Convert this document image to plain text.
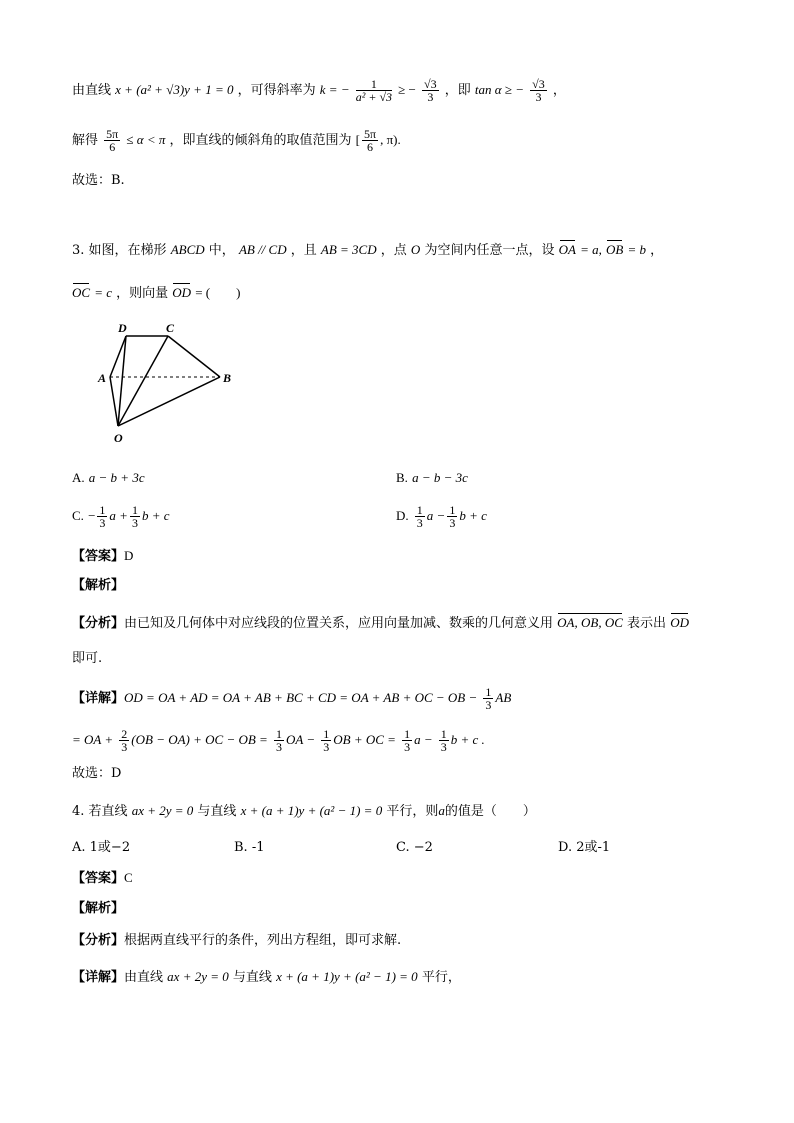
由直线 x + (a² + √3)y + 1 = 0 ，可得斜率为 k = − $\frac{1}{\text{a² + √3}}$ ≥ − $\frac{√3}{3}$ ，即 tan α ≥ − $\frac{√3}{3}$ ，
解得 $\frac{5\pi}{6} \le \alpha < \pi$ ，即直线的倾斜角的取值范围为 [ $\frac{5\pi}{6}$ , π).
故选：B.
3. 如图，在梯形 ABCD 中， AB // CD ，且 AB = 3CD ，点 O 为空间内任意一点，设 OA = a, OB = b ，
OC = c ，则向量 OD = (　　)
D	C
A	B
O
A. a − b + 3c	B. a − b − 3c
C. − $\frac{1}{3}$ $a + \frac{1}{3}$ b + c	D. $\frac{1}{3}$ $a - \frac{1}{3}$ b + c
【答案】D
【解析】
【分析】由已知及几何体中对应线段的位置关系，应用向量加减、数乘的几何意义用 OA, OB, OC 表示出 OD
即可.
【详解】OD = OA + AD = OA + AB + BC + CD = OA + AB + OC − OB − $\frac{1}{3}$ AB
= OA + $\frac{2}{3} (OB - OA)$ + OC − OB = $\frac{1}{3}$ OA − $\frac{1}{3}$ OB + OC = $\frac{1}{3}$ $a - \frac{1}{3}$ b + c .
故选：D
4. 若直线 ax + 2y = 0 与直线 x + (a + 1)y + (a² − 1) = 0 平行，则a的值是（　　）
A. 1或−2	B. -1	C. −2	D. 2或-1
【答案】C
【解析】
【分析】根据两直线平行的条件，列出方程组，即可求解.
【详解】由直线 ax + 2y = 0 与直线 x + (a + 1)y + (a² − 1) = 0 平行，
